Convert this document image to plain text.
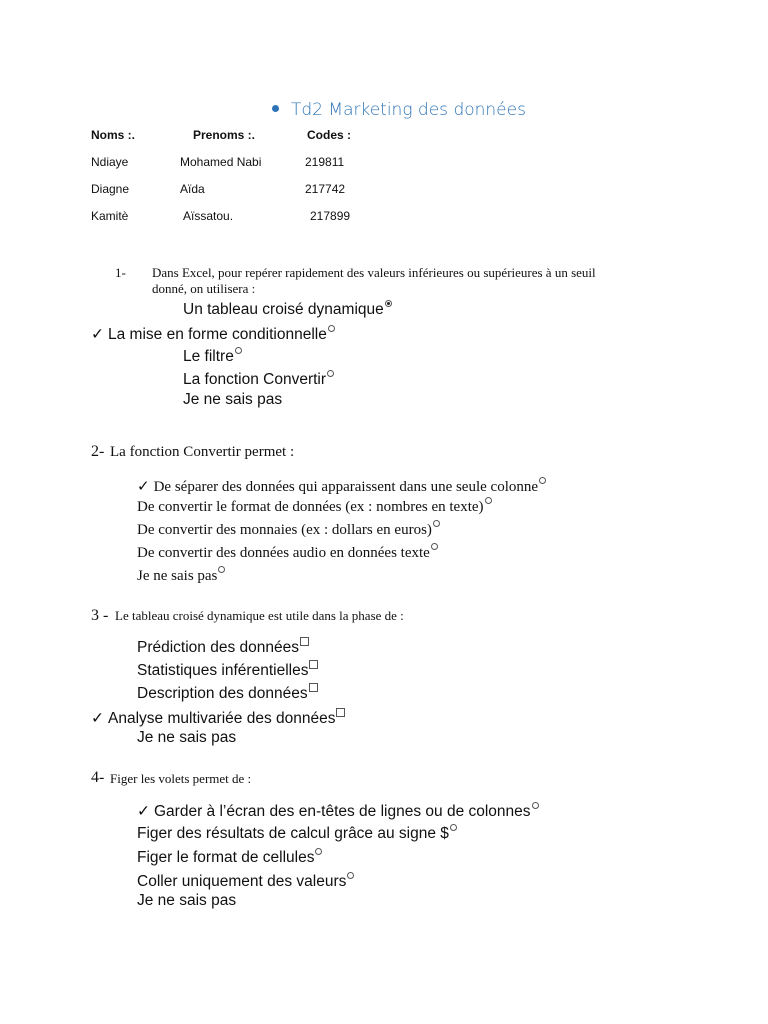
Td2 Marketing des données
Noms :.	Prenoms :.	Codes :
Ndiaye	Mohamed Nabi	219811
Diagne	Aïda	217742
Kamitè	Aïssatou.	217899
1- Dans Excel, pour repérer rapidement des valeurs inférieures ou supérieures à un seuil
donné, on utilisera :
Un tableau croisé dynamique
✓ La mise en forme conditionnelle
Le filtre
La fonction Convertir
Je ne sais pas
2- La fonction Convertir permet :
✓ De séparer des données qui apparaissent dans une seule colonne
De convertir le format de données (ex : nombres en texte)
De convertir des monnaies (ex : dollars en euros)
De convertir des données audio en données texte
Je ne sais pas
3 - Le tableau croisé dynamique est utile dans la phase de :
Prédiction des données
Statistiques inférentielles
Description des données
✓ Analyse multivariée des données
Je ne sais pas
4- Figer les volets permet de :
✓ Garder à l’écran des en-têtes de lignes ou de colonnes
Figer des résultats de calcul grâce au signe $
Figer le format de cellules
Coller uniquement des valeurs
Je ne sais pas
